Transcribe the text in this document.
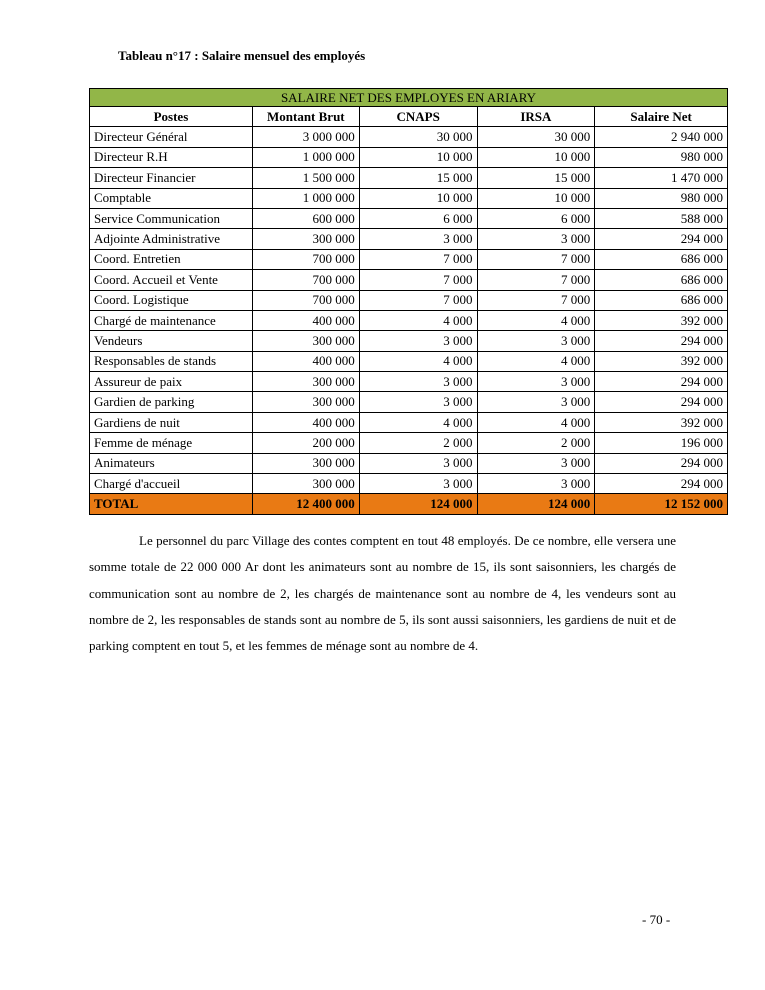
Tableau n°17 : Salaire mensuel des employés
SALAIRE NET DES EMPLOYES EN ARIARY				
Postes	Montant Brut	CNAPS	IRSA	Salaire Net
Directeur Général	3 000 000	30 000	30 000	2 940 000
Directeur R.H	1 000 000	10 000	10 000	980 000
Directeur Financier	1 500 000	15 000	15 000	1 470 000
Comptable	1 000 000	10 000	10 000	980 000
Service Communication	600 000	6 000	6 000	588 000
Adjointe Administrative	300 000	3 000	3 000	294 000
Coord. Entretien	700 000	7 000	7 000	686 000
Coord. Accueil et Vente	700 000	7 000	7 000	686 000
Coord. Logistique	700 000	7 000	7 000	686 000
Chargé de maintenance	400 000	4 000	4 000	392 000
Vendeurs	300 000	3 000	3 000	294 000
Responsables de stands	400 000	4 000	4 000	392 000
Assureur de paix	300 000	3 000	3 000	294 000
Gardien de parking	300 000	3 000	3 000	294 000
Gardiens de nuit	400 000	4 000	4 000	392 000
Femme de ménage	200 000	2 000	2 000	196 000
Animateurs	300 000	3 000	3 000	294 000
Chargé d'accueil	300 000	3 000	3 000	294 000
TOTAL	12 400 000	124 000	124 000	12 152 000
Le personnel du parc Village des contes comptent en tout 48 employés. De ce nombre, elle versera une somme totale de 22 000 000 Ar dont les animateurs sont au nombre de 15, ils sont saisonniers, les chargés de communication sont au nombre de 2, les chargés de maintenance sont au nombre de 4, les vendeurs sont au nombre de 2, les responsables de stands sont au nombre de 5, ils sont aussi saisonniers, les gardiens de nuit et de parking comptent en tout 5, et les femmes de ménage sont au nombre de 4.
- 70 -
